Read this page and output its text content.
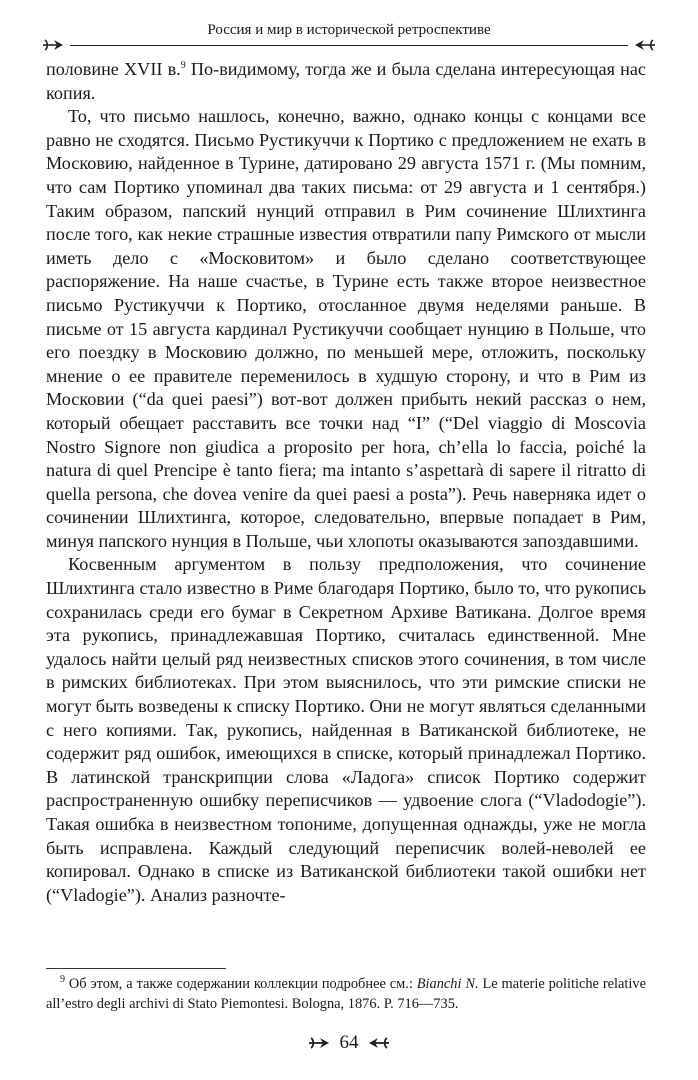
Россия и мир в исторической ретроспективе

половине XVII в.$^9$ По-видимому, тогда же и была сделана интересующая нас копия.

То, что письмо нашлось, конечно, важно, однако концы с концами все равно не сходятся. Письмо Рустикуччи к Портико с предложением не ехать в Московию, найденное в Турине, датировано 29 августа 1571 г. (Мы помним, что сам Портико упоминал два таких письма: от 29 августа и 1 сентября.) Таким образом, папский нунций отправил в Рим сочинение Шлихтинга после того, как некие страшные известия отвратили папу Римского от мысли иметь дело с «Московитом» и было сделано соответствующее распоряжение. На наше счастье, в Турине есть также второе неизвестное письмо Рустикуччи к Портико, отосланное двумя неделями раньше. В письме от 15 августа кардинал Рустикуччи сообщает нунцию в Польше, что его поездку в Московию должно, по меньшей мере, отложить, поскольку мнение о ее правителе переменилось в худшую сторону, и что в Рим из Московии (“da quei paesi”) вот-вот должен прибыть некий рассказ о нем, который обещает расставить все точки над “I” (“Del viaggio di Moscovia Nostro Signore non giudica a proposito per hora, ch’ella lo faccia, poiché la natura di quel Prencipe è tanto fiera; ma intanto s’aspettarà di sapere il ritratto di quella persona, che dovea venire da quei paesi a posta”). Речь наверняка идет о сочинении Шлихтинга, которое, следовательно, впервые попадает в Рим, минуя папского нунция в Польше, чьи хлопоты оказываются запоздавшими.

Косвенным аргументом в пользу предположения, что сочинение Шлихтинга стало известно в Риме благодаря Портико, было то, что рукопись сохранилась среди его бумаг в Секретном Архиве Ватикана. Долгое время эта рукопись, принадлежавшая Портико, считалась единственной. Мне удалось найти целый ряд неизвестных списков этого сочинения, в том числе в римских библиотеках. При этом выяснилось, что эти римские списки не могут быть возведены к списку Портико. Они не могут являться сделанными с него копиями. Так, рукопись, найденная в Ватиканской библиотеке, не содержит ряд ошибок, имеющихся в списке, который принадлежал Портико. В латинской транскрипции слова «Ладога» список Портико содержит распространенную ошибку переписчиков — удвоение слога (“Vladodogie”). Такая ошибка в неизвестном топониме, допущенная однажды, уже не могла быть исправлена. Каждый следующий переписчик волей-неволей ее копировал. Однако в списке из Ватиканской библиотеки такой ошибки нет (“Vladogie”). Анализ разночте-

$^9$ Об этом, а также содержании коллекции подробнее см.: Bianchi N. Le materie politiche relative all’estro degli archivi di Stato Piemontesi. Bologna, 1876. P. 716—735.

64
